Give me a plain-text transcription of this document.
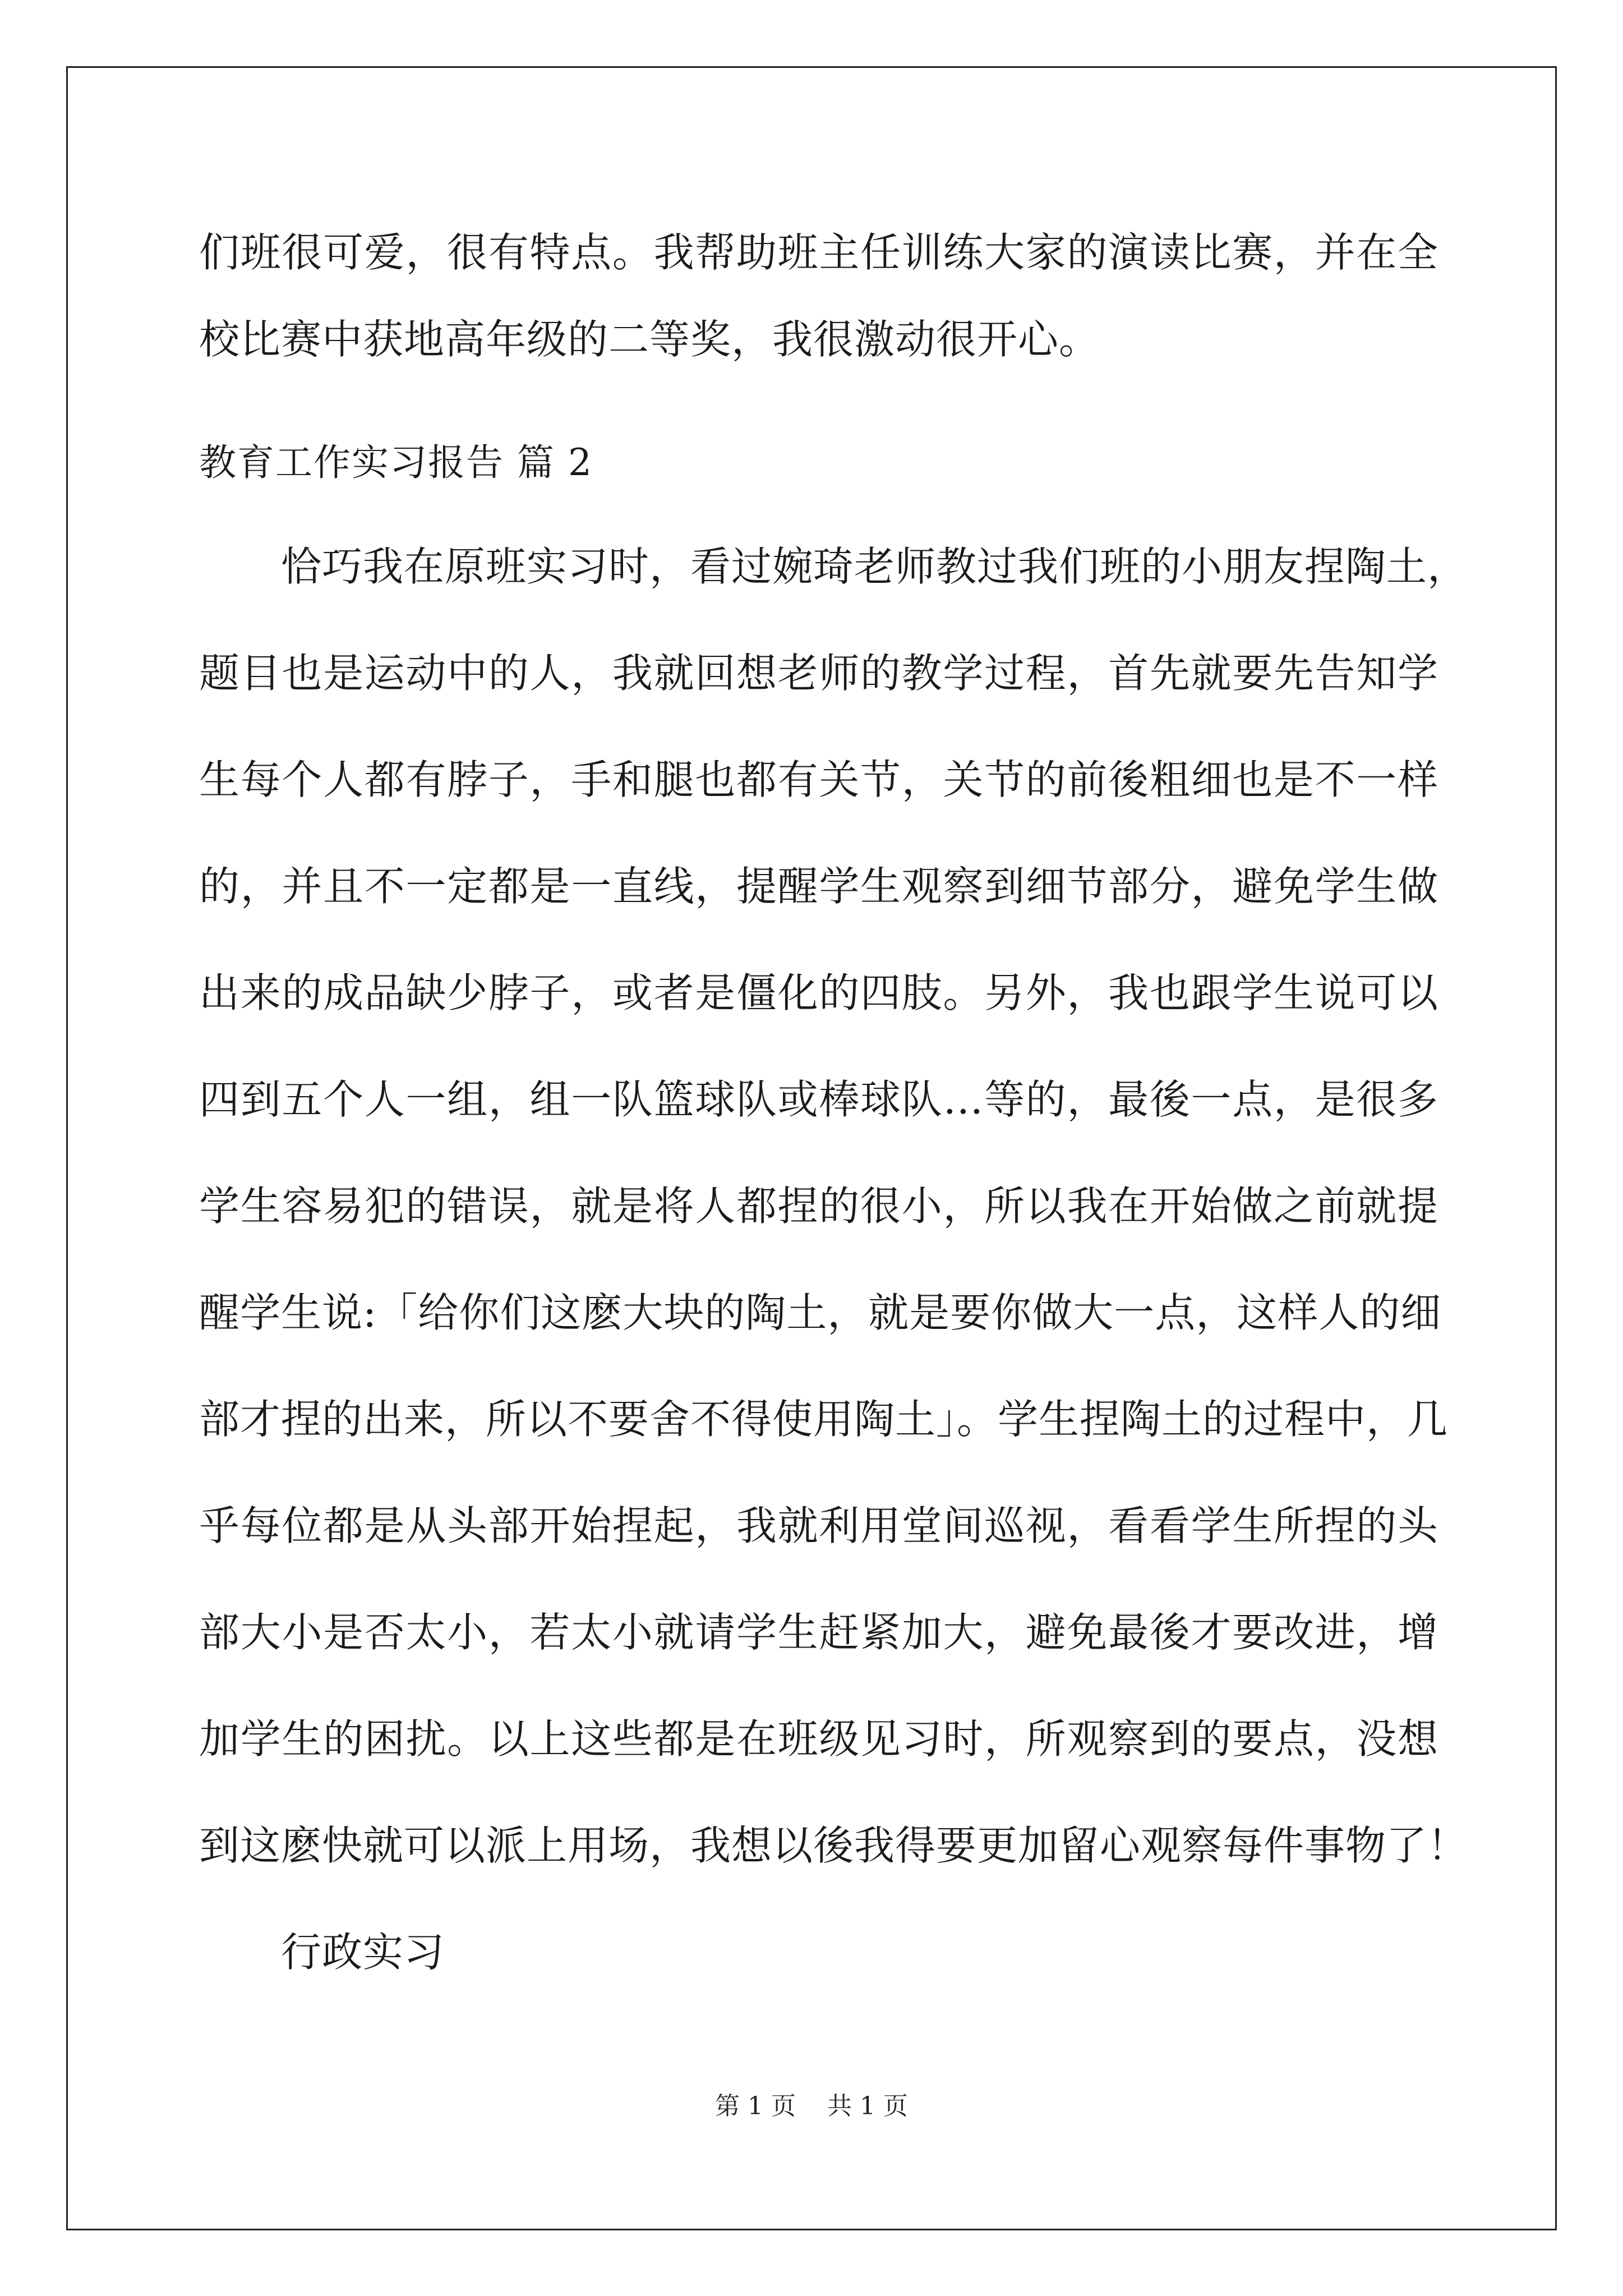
们班很可爱，很有特点。我帮助班主任训练大家的演读比赛，并在全
校比赛中获地高年级的二等奖，我很激动很开心。
教育工作实习报告 篇 2
恰巧我在原班实习时，看过婉琦老师教过我们班的小朋友捏陶土，
题目也是运动中的人，我就回想老师的教学过程，首先就要先告知学
生每个人都有脖子，手和腿也都有关节，关节的前後粗细也是不一样
的，并且不一定都是一直线，提醒学生观察到细节部分，避免学生做
出来的成品缺少脖子，或者是僵化的四肢。另外，我也跟学生说可以
四到五个人一组，组一队篮球队或棒球队…等的，最後一点，是很多
学生容易犯的错误，就是将人都捏的很小，所以我在开始做之前就提
醒学生说:「给你们这麽大块的陶土，就是要你做大一点，这样人的细
部才捏的出来，所以不要舍不得使用陶土」。学生捏陶土的过程中，几
乎每位都是从头部开始捏起，我就利用堂间巡视，看看学生所捏的头
部大小是否太小，若太小就请学生赶紧加大，避免最後才要改进，增
加学生的困扰。以上这些都是在班级见习时，所观察到的要点，没想
到这麽快就可以派上用场，我想以後我得要更加留心观察每件事物了！
行政实习
第 1 页    共 1 页
